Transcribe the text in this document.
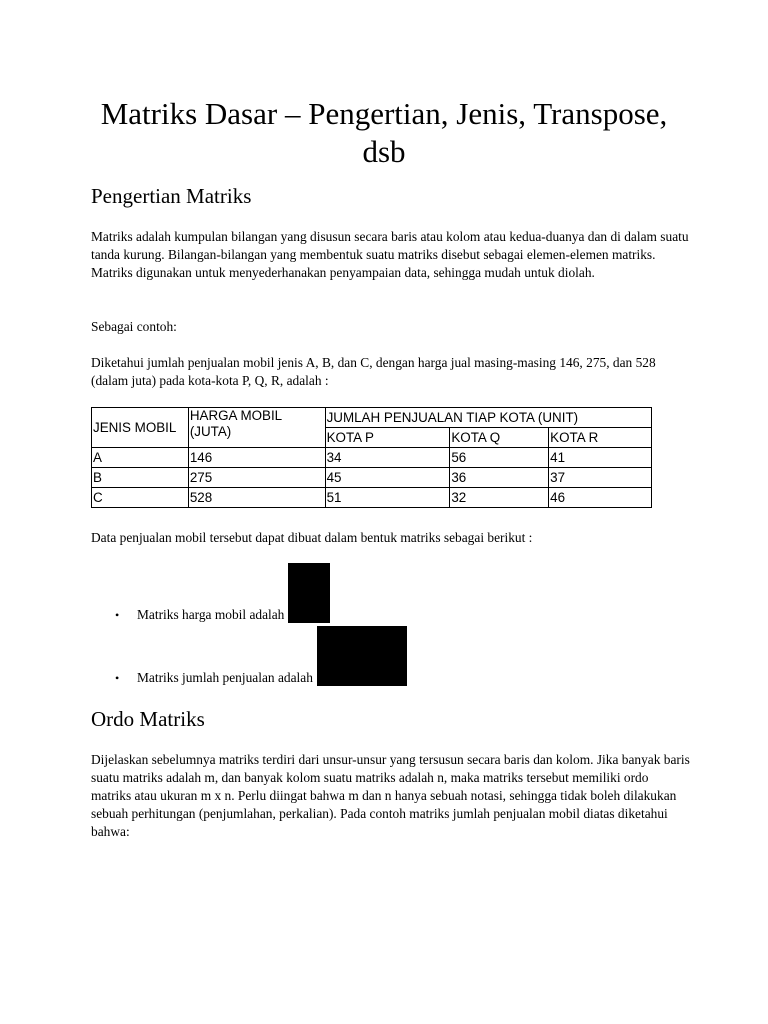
Matriks Dasar – Pengertian, Jenis, Transpose, dsb
Pengertian Matriks

Matriks adalah kumpulan bilangan yang disusun secara baris atau kolom atau kedua-duanya dan di dalam suatu tanda kurung. Bilangan-bilangan yang membentuk suatu matriks disebut sebagai elemen-elemen matriks. Matriks digunakan untuk menyederhanakan penyampaian data, sehingga mudah untuk diolah.

Sebagai contoh:

Diketahui jumlah penjualan mobil jenis A, B, dan C, dengan harga jual masing-masing 146, 275, dan 528 (dalam juta) pada kota-kota P, Q, R, adalah :

JENIS MOBIL	HARGA MOBIL (JUTA)	JUMLAH PENJUALAN TIAP KOTA (UNIT)		
		KOTA P	KOTA Q	KOTA R
A	146	34	56	41
B	275	45	36	37
C	528	51	32	46

Data penjualan mobil tersebut dapat dibuat dalam bentuk matriks sebagai berikut :

•	Matriks harga mobil adalah
•	Matriks jumlah penjualan adalah
Ordo Matriks

Dijelaskan sebelumnya matriks terdiri dari unsur-unsur yang tersusun secara baris dan kolom. Jika banyak baris suatu matriks adalah m, dan banyak kolom suatu matriks adalah n, maka matriks tersebut memiliki ordo matriks atau ukuran m x n. Perlu diingat bahwa m dan n hanya sebuah notasi, sehingga tidak boleh dilakukan sebuah perhitungan (penjumlahan, perkalian). Pada contoh matriks jumlah penjualan mobil diatas diketahui bahwa:
